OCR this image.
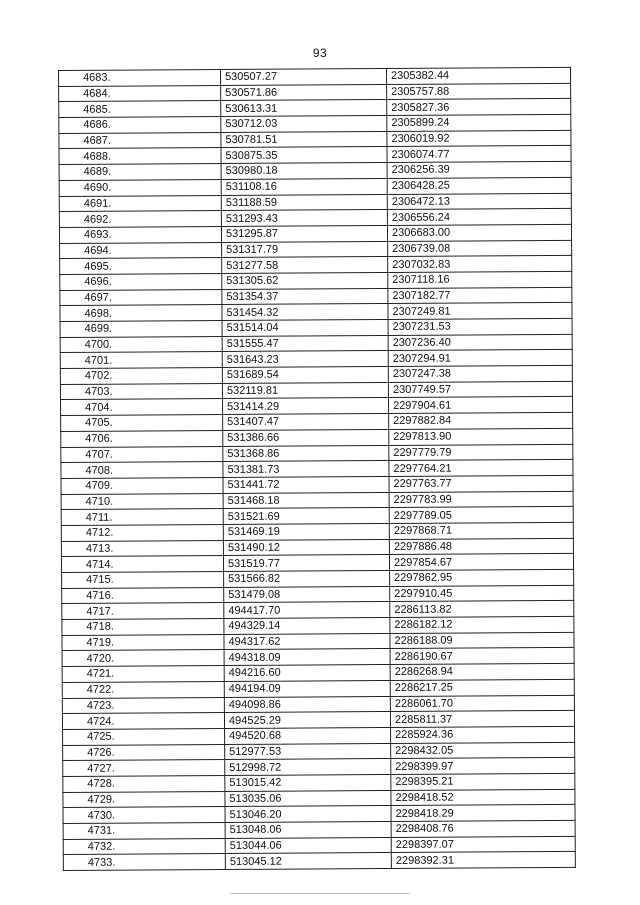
93
4683.	530507.27	2305382.44
4684.	530571.86	2305757.88
4685.	530613.31	2305827.36
4686.	530712.03	2305899.24
4687.	530781.51	2306019.92
4688.	530875.35	2306074.77
4689.	530980.18	2306256.39
4690.	531108.16	2306428.25
4691.	531188.59	2306472.13
4692.	531293.43	2306556.24
4693.	531295.87	2306683.00
4694.	531317.79	2306739.08
4695.	531277.58	2307032.83
4696.	531305.62	2307118.16
4697.	531354.37	2307182.77
4698.	531454.32	2307249.81
4699.	531514.04	2307231.53
4700.	531555.47	2307236.40
4701.	531643.23	2307294.91
4702.	531689.54	2307247.38
4703.	532119.81	2307749.57
4704.	531414.29	2297904.61
4705.	531407.47	2297882.84
4706.	531386.66	2297813.90
4707.	531368.86	2297779.79
4708.	531381.73	2297764.21
4709.	531441.72	2297763.77
4710.	531468.18	2297783.99
4711.	531521.69	2297789.05
4712.	531469.19	2297868.71
4713.	531490.12	2297886.48
4714.	531519.77	2297854.67
4715.	531566.82	2297862.95
4716.	531479.08	2297910.45
4717.	494417.70	2286113.82
4718.	494329.14	2286182.12
4719.	494317.62	2286188.09
4720.	494318.09	2286190.67
4721.	494216.60	2286268.94
4722.	494194.09	2286217.25
4723.	494098.86	2286061.70
4724.	494525.29	2285811.37
4725.	494520.68	2285924.36
4726.	512977.53	2298432.05
4727.	512998.72	2298399.97
4728.	513015.42	2298395.21
4729.	513035.06	2298418.52
4730.	513046.20	2298418.29
4731.	513048.06	2298408.76
4732.	513044.06	2298397.07
4733.	513045.12	2298392.31
